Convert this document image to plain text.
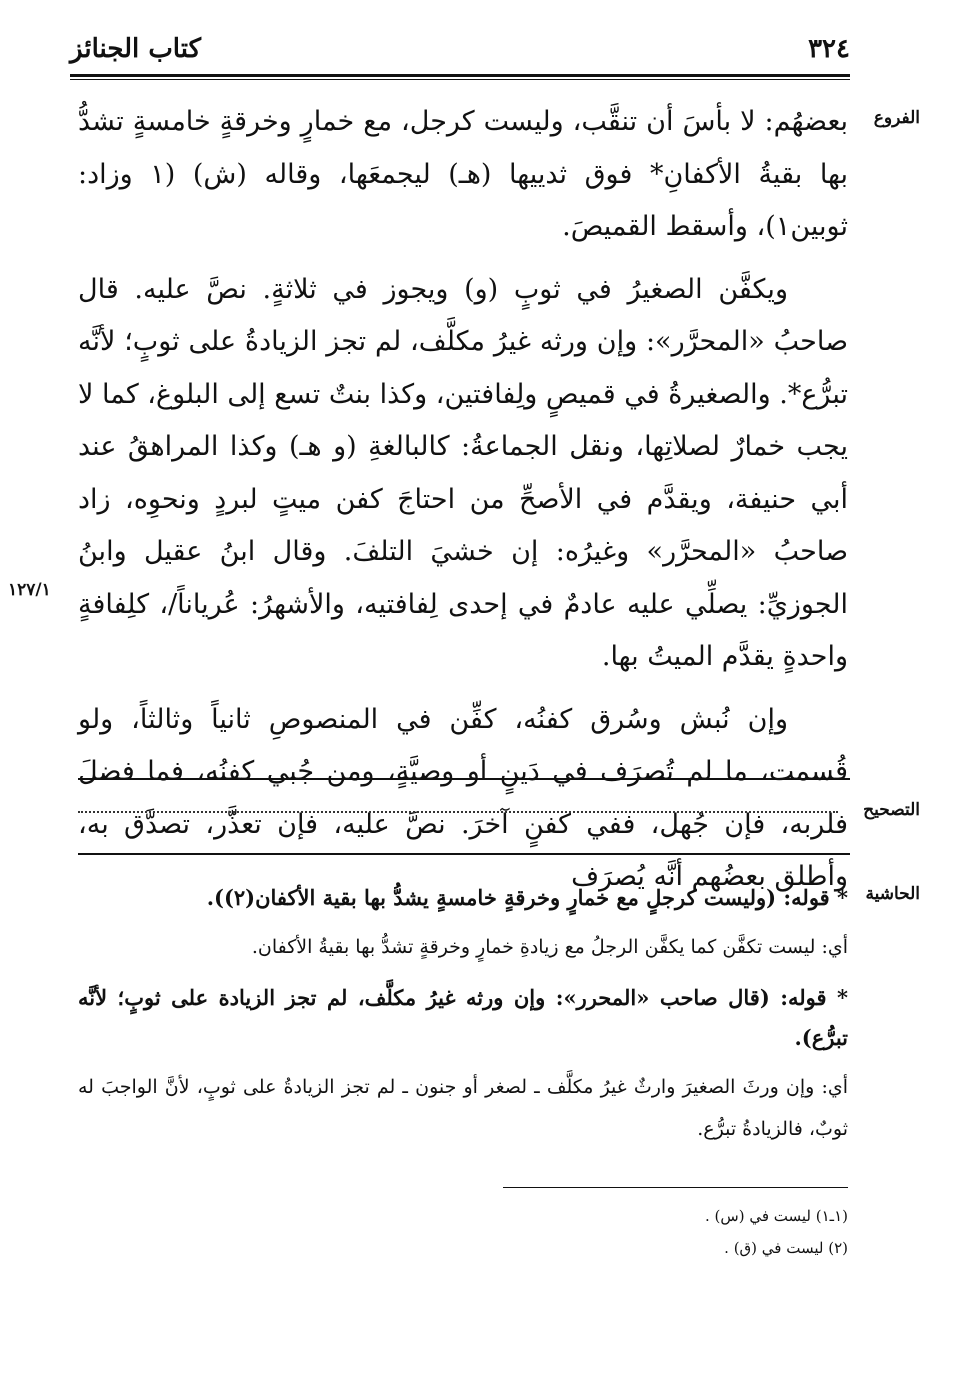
٣٢٤
كتاب الجنائز
الفروع

بعضهُم: لا بأسَ أن تنقَّب، وليست كرجل، مع خمارٍ وخرقةٍ خامسةٍ تشدُّ بها بقيةُ الأكفانِ* فوق ثدييها (هـ) ليجمعَها، وقاله (ش) (١ وزاد: ثوبين١)، وأسقط القميصَ.

ويكفَّن الصغيرُ في ثوبٍ (و) ويجوز في ثلاثةٍ. نصَّ عليه. قال صاحبُ «المحرَّر»: وإن ورثه غيرُ مكلَّف، لم تجز الزيادةُ على ثوبٍ؛ لأنَّه تبرُّع*. والصغيرةُ في قميصٍ ولِفافتين، وكذا بنتٌ تسع إلى البلوغ، كما لا يجب خمارٌ لصلاتِها، ونقل الجماعةُ: كالبالغةِ (و هـ) وكذا المراهقُ عند أبي حنيفة، ويقدَّم في الأصحِّ من احتاجَ كفن ميتٍ لبردٍ ونحوِه، زاد صاحبُ «المحرَّر» وغيرُه: إن خشيَ التلفَ. وقال ابنُ عقيل وابنُ الجوزيِّ: يصلِّي عليه عادمٌ في إحدى لِفافتيه، والأشهرُ: عُرياناً/، كلِفافةٍ واحدةٍ يقدَّم الميتُ بها.

وإن نُبش وسُرق كفنُه، كفِّن في المنصوصِ ثانياً وثالثاً، ولو قُسمت، ما لم تُصرَف في دَينٍ أو وصيَّةٍ، ومن جُبي كفنُه، فما فضلَ فلربه، فإن جُهل، ففي كفنٍ آخرَ. نصَّ عليه، فإن تعذَّر، تصدَّق به، وأطلق بعضُهم أنَّه يُصرَف

١٢٧/١
التصحيح
الحاشية

* قوله: (وليست كرجلٍ مع خمارٍ وخرقةٍ خامسةٍ يشدُّ بها بقية الأكفان(٢)).

أي: ليست تكفَّن كما يكفَّن الرجلُ مع زيادةِ خمارٍ وخرقةٍ تشدُّ بها بقيةُ الأكفان.

* قوله: (قال صاحب «المحرر»: وإن ورثه غيرُ مكلَّف، لم تجز الزيادة على ثوبٍ؛ لأنَّه تبرُّع).

أي: وإن ورثَ الصغيرَ وارثٌ غيرُ مكلَّف ـ لصغر أو جنون ـ لم تجز الزيادةُ على ثوبٍ، لأنَّ الواجبَ له ثوبٌ، فالزيادةُ تبرُّع.

(١ـ١) ليست في (س) .
(٢) ليست في (ق) .
